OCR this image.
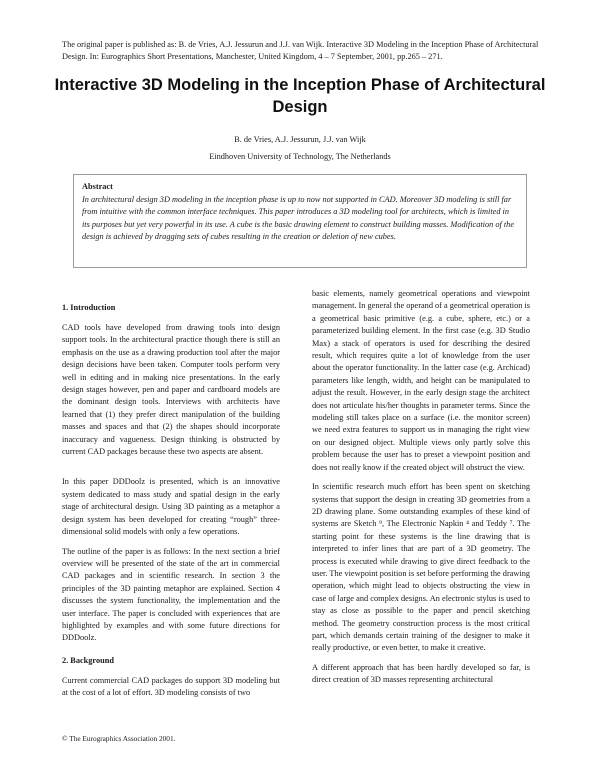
The original paper is published as: B. de Vries, A.J. Jessurun and J.J. van Wijk. Interactive 3D Modeling in the Inception Phase of Architectural Design. In: Eurographics Short Presentations, Manchester, United Kingdom, 4 – 7 September, 2001, pp.265 – 271.
Interactive 3D Modeling in the Inception Phase of Architectural Design
B. de Vries, A.J. Jessurun, J.J. van Wijk
Eindhoven University of Technology, The Netherlands
Abstract
In architectural design 3D modeling in the inception phase is up to now not supported in CAD. Moreover 3D modeling is still far from intuitive with the common interface techniques. This paper introduces a 3D modeling tool for architects, which is limited in its purposes but yet very powerful in its use. A cube is the basic drawing element to construct building masses. Modification of the design is achieved by dragging sets of cubes resulting in the creation or deletion of new cubes.
1. Introduction

CAD tools have developed from drawing tools into design support tools. In the architectural practice though there is still an emphasis on the use as a drawing production tool after the major design decisions have been taken. Computer tools perform very well in editing and in making nice presentations. In the early design stages however, pen and paper and cardboard models are the dominant design tools. Interviews with architects have learned that (1) they prefer direct manipulation of the building masses and spaces and that (2) the shapes should incorporate inaccuracy and vagueness. Design thinking is obstructed by current CAD packages because these two aspects are absent.

In this paper DDDoolz is presented, which is an innovative system dedicated to mass study and spatial design in the early stage of architectural design. Using 3D painting as a metaphor a design system has been developed for creating “rough” three-dimensional solid models with only a few operations.

The outline of the paper is as follows: In the next section a brief overview will be presented of the state of the art in commercial CAD packages and in scientific research. In section 3 the principles of the 3D painting metaphor are explained. Section 4 discusses the system functionality, the implementation and the user interface. The paper is concluded with experiences that are highlighted by examples and with some future directions for DDDoolz.

2. Background

Current commercial CAD packages do support 3D modeling but at the cost of a lot of effort. 3D modeling consists of two

basic elements, namely geometrical operations and viewpoint management. In general the operand of a geometrical operation is a geometrical basic primitive (e.g. a cube, sphere, etc.) or a parameterized building element. In the first case (e.g. 3D Studio Max) a stack of operators is used for describing the desired result, which requires quite a lot of knowledge from the user about the operator functionality. In the latter case (e.g. Archicad) parameters like length, width, and height can be manipulated to adjust the result. However, in the early design stage the architect does not articulate his/her thoughts in parameter terms. Since the modeling still takes place on a surface (i.e. the monitor screen) we need extra features to support us in managing the right view on our designed object. Multiple views only partly solve this problem because the user has to preset a viewpoint position and does not really know if the created object will obstruct the view.

In scientific research much effort has been spent on sketching systems that support the design in creating 3D geometries from a 2D drawing plane. Some outstanding examples of these kind of systems are Sketch ⁹, The Electronic Napkin ⁴ and Teddy ⁷. The starting point for these systems is the line drawing that is interpreted to infer lines that are part of a 3D geometry. The process is executed while drawing to give direct feedback to the user. The viewpoint position is set before performing the drawing operation, which might lead to objects obstructing the view in case of large and complex designs. An electronic stylus is used to stay as close as possible to the paper and pencil sketching method. The geometry construction process is the most critical part, which demands certain training of the designer to make it really productive, or even better, to make it creative.

A different approach that has been hardly developed so far, is direct creation of 3D masses representing architectural

© The Eurographics Association 2001.
